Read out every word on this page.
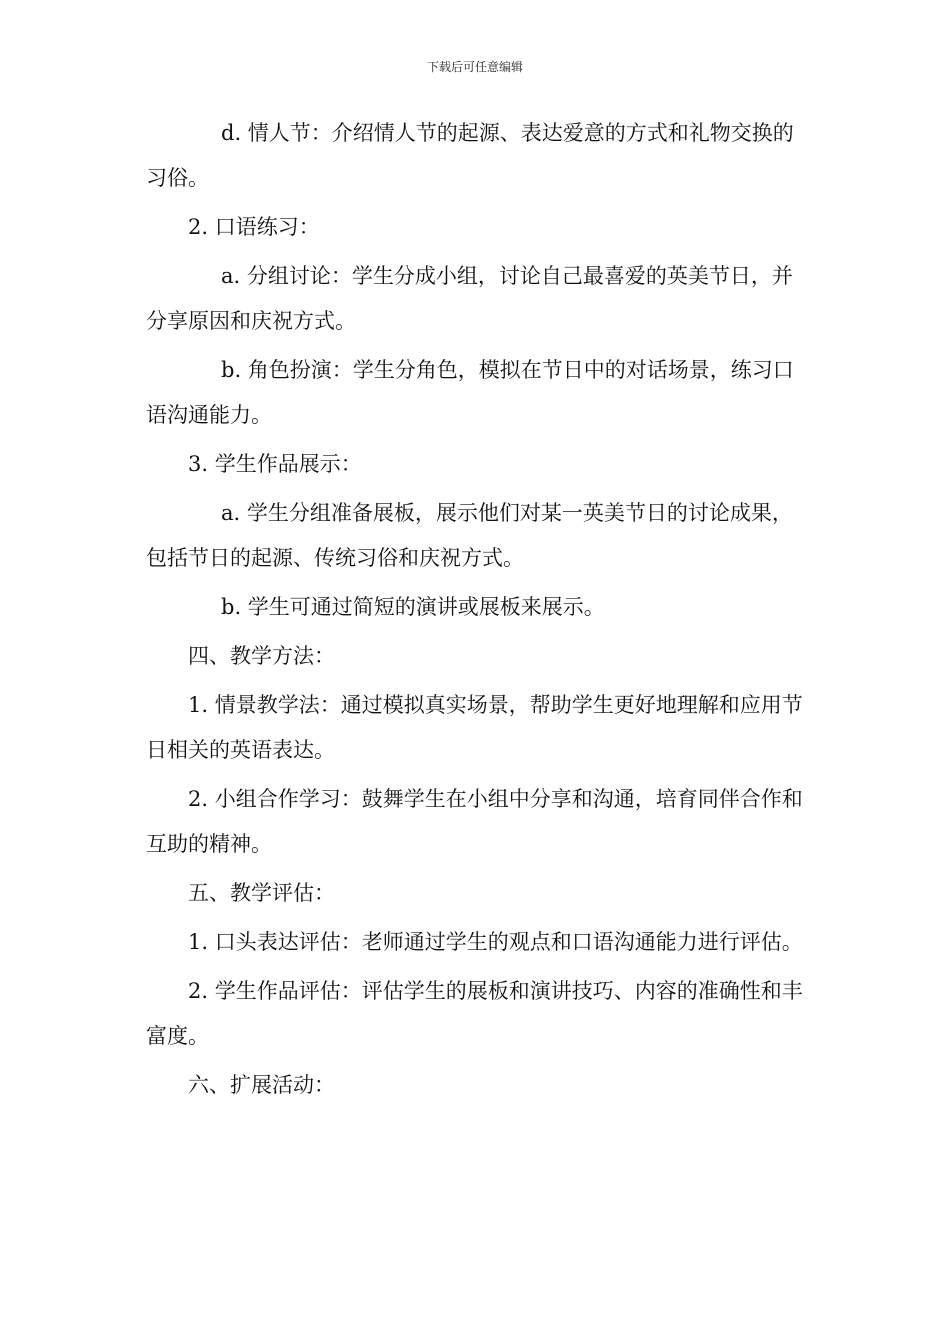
下载后可任意编辑

d. 情人节：介绍情人节的起源、表达爱意的方式和礼物交换的习俗。

2. 口语练习：

a. 分组讨论：学生分成小组，讨论自己最喜爱的英美节日，并分享原因和庆祝方式。

b. 角色扮演：学生分角色，模拟在节日中的对话场景，练习口语沟通能力。

3. 学生作品展示：

a. 学生分组准备展板，展示他们对某一英美节日的讨论成果，包括节日的起源、传统习俗和庆祝方式。

b. 学生可通过简短的演讲或展板来展示。

四、教学方法：

1. 情景教学法：通过模拟真实场景，帮助学生更好地理解和应用节日相关的英语表达。

2. 小组合作学习：鼓舞学生在小组中分享和沟通，培育同伴合作和互助的精神。

五、教学评估：

1. 口头表达评估：老师通过学生的观点和口语沟通能力进行评估。

2. 学生作品评估：评估学生的展板和演讲技巧、内容的准确性和丰富度。

六、扩展活动：
